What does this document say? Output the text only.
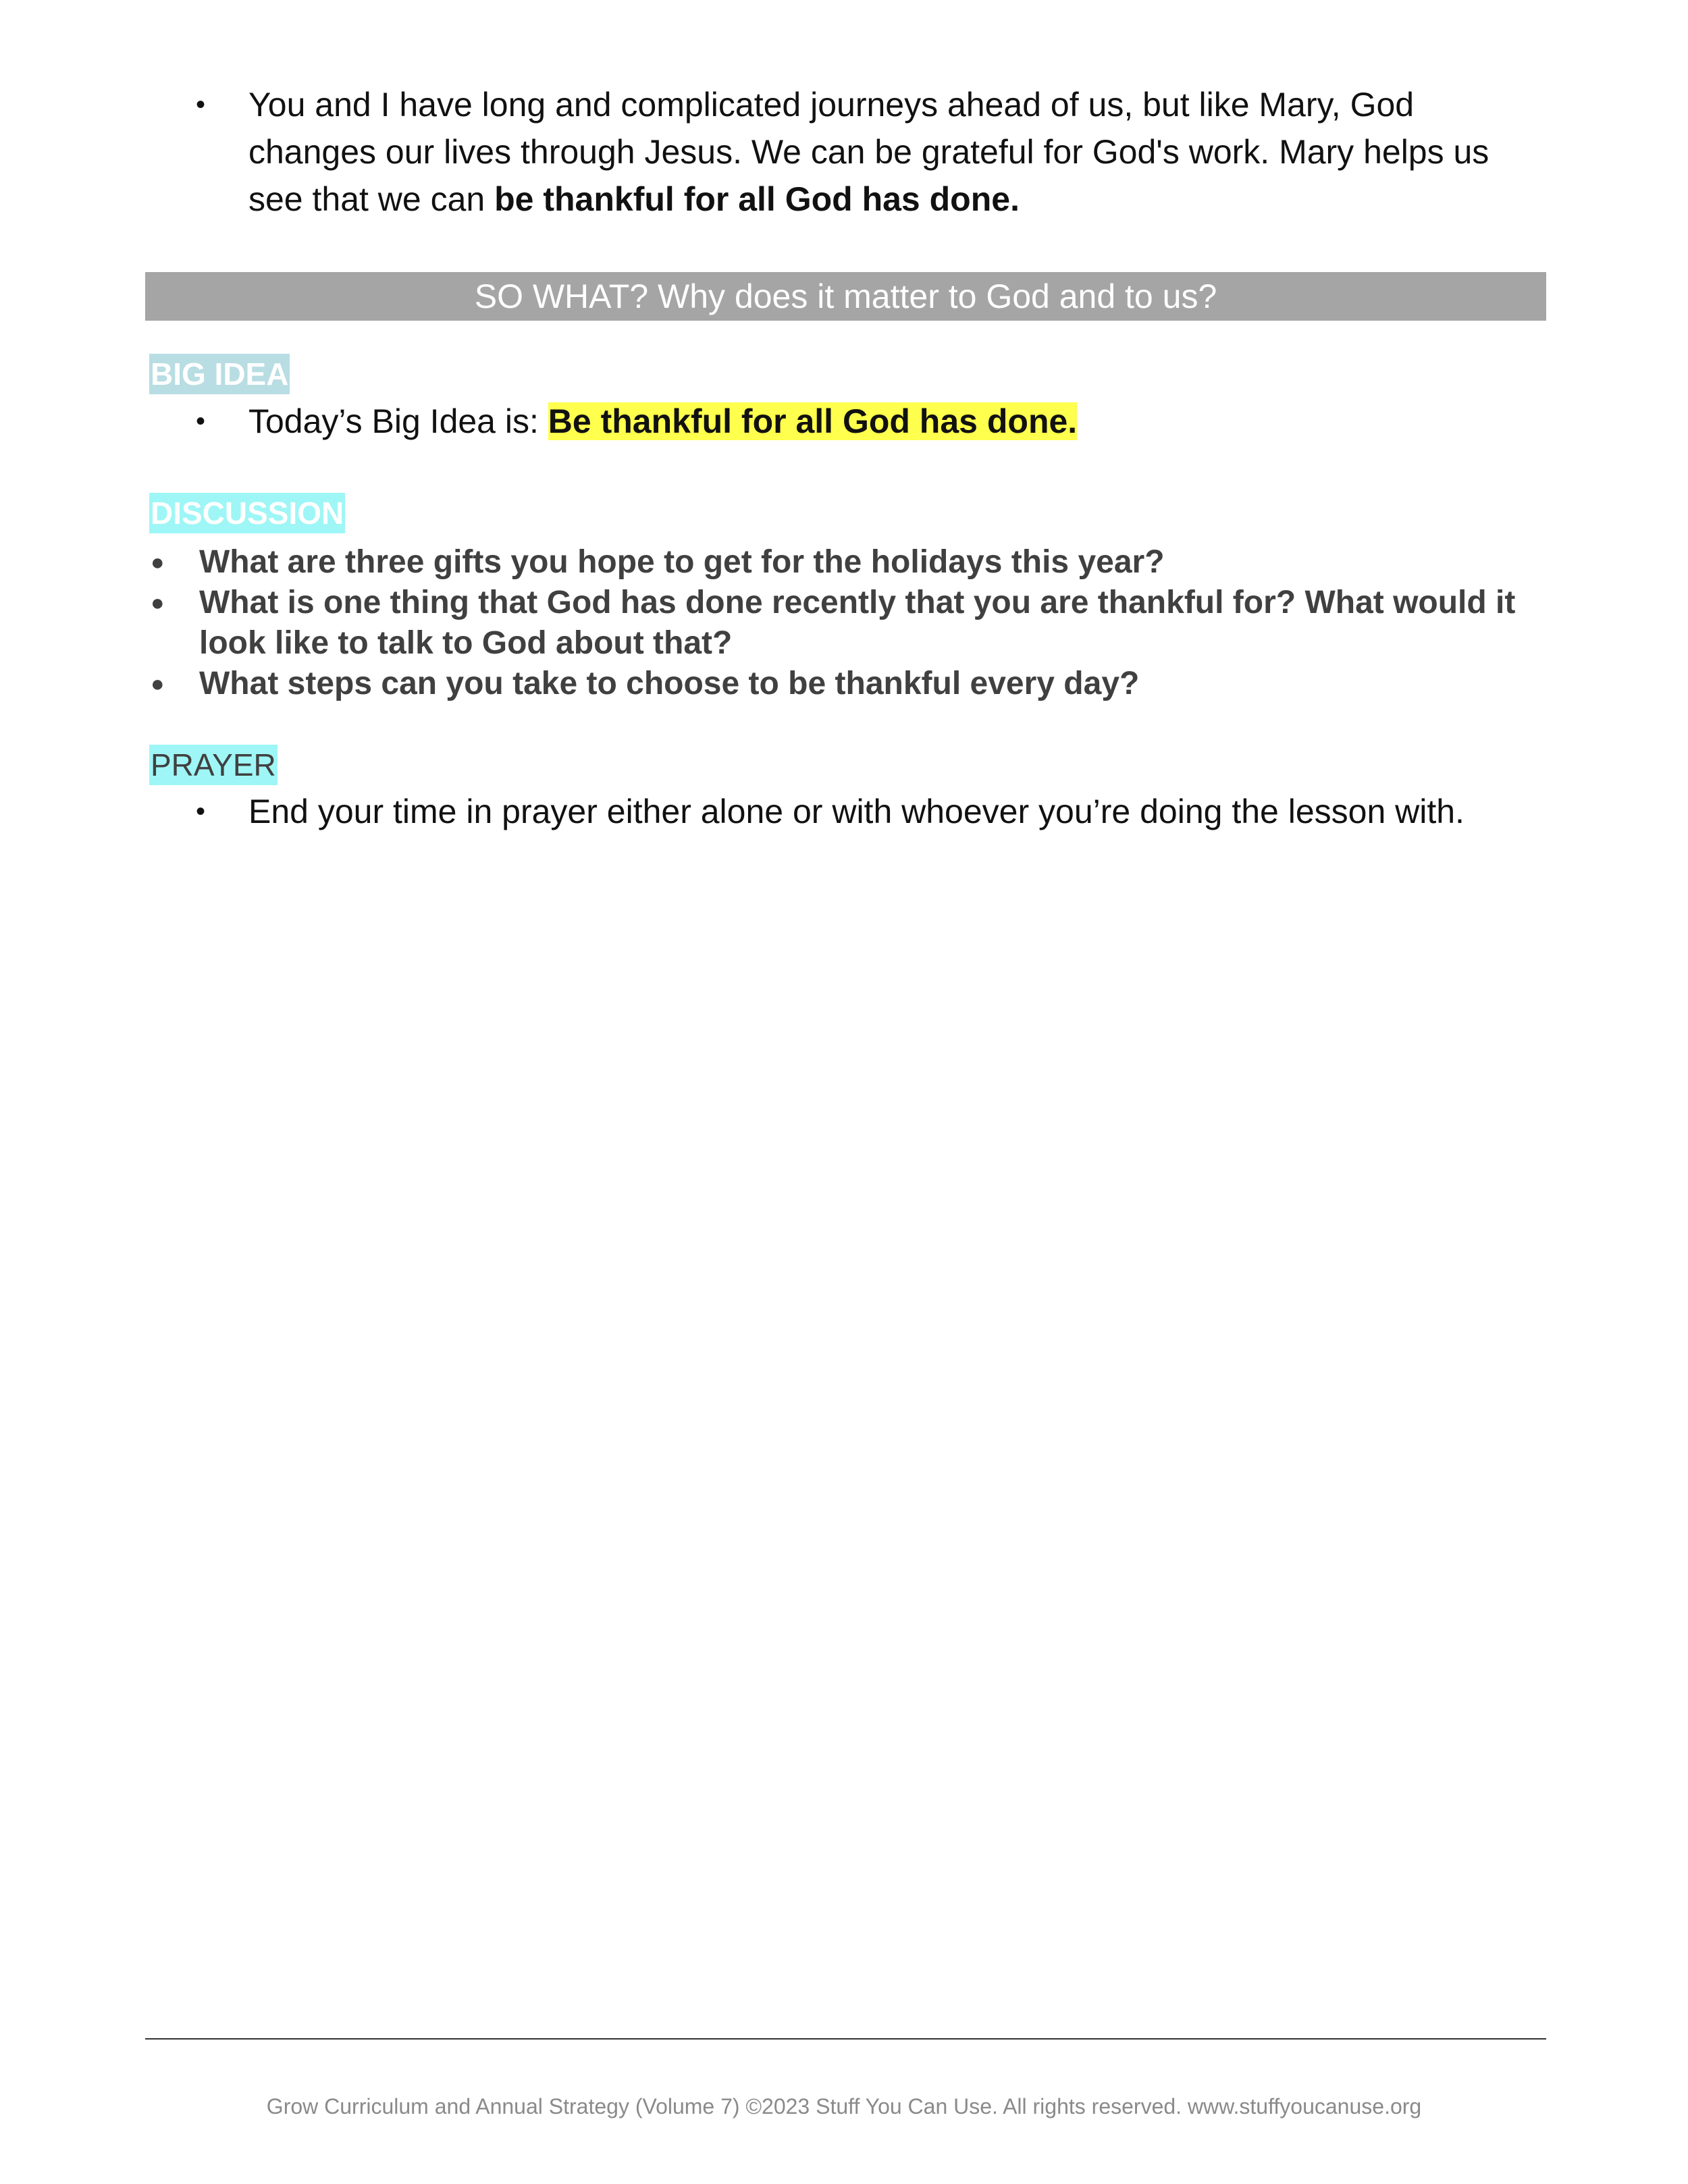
• You and I have long and complicated journeys ahead of us, but like Mary, God changes our lives through Jesus. We can be grateful for God's work. Mary helps us see that we can be thankful for all God has done.
SO WHAT? Why does it matter to God and to us?
BIG IDEA
• Today’s Big Idea is: Be thankful for all God has done.
DISCUSSION
● What are three gifts you hope to get for the holidays this year?
● What is one thing that God has done recently that you are thankful for? What would it look like to talk to God about that?
● What steps can you take to choose to be thankful every day?
PRAYER
• End your time in prayer either alone or with whoever you’re doing the lesson with.
Grow Curriculum and Annual Strategy (Volume 7) ©2023 Stuff You Can Use. All rights reserved. www.stuffyoucanuse.org
